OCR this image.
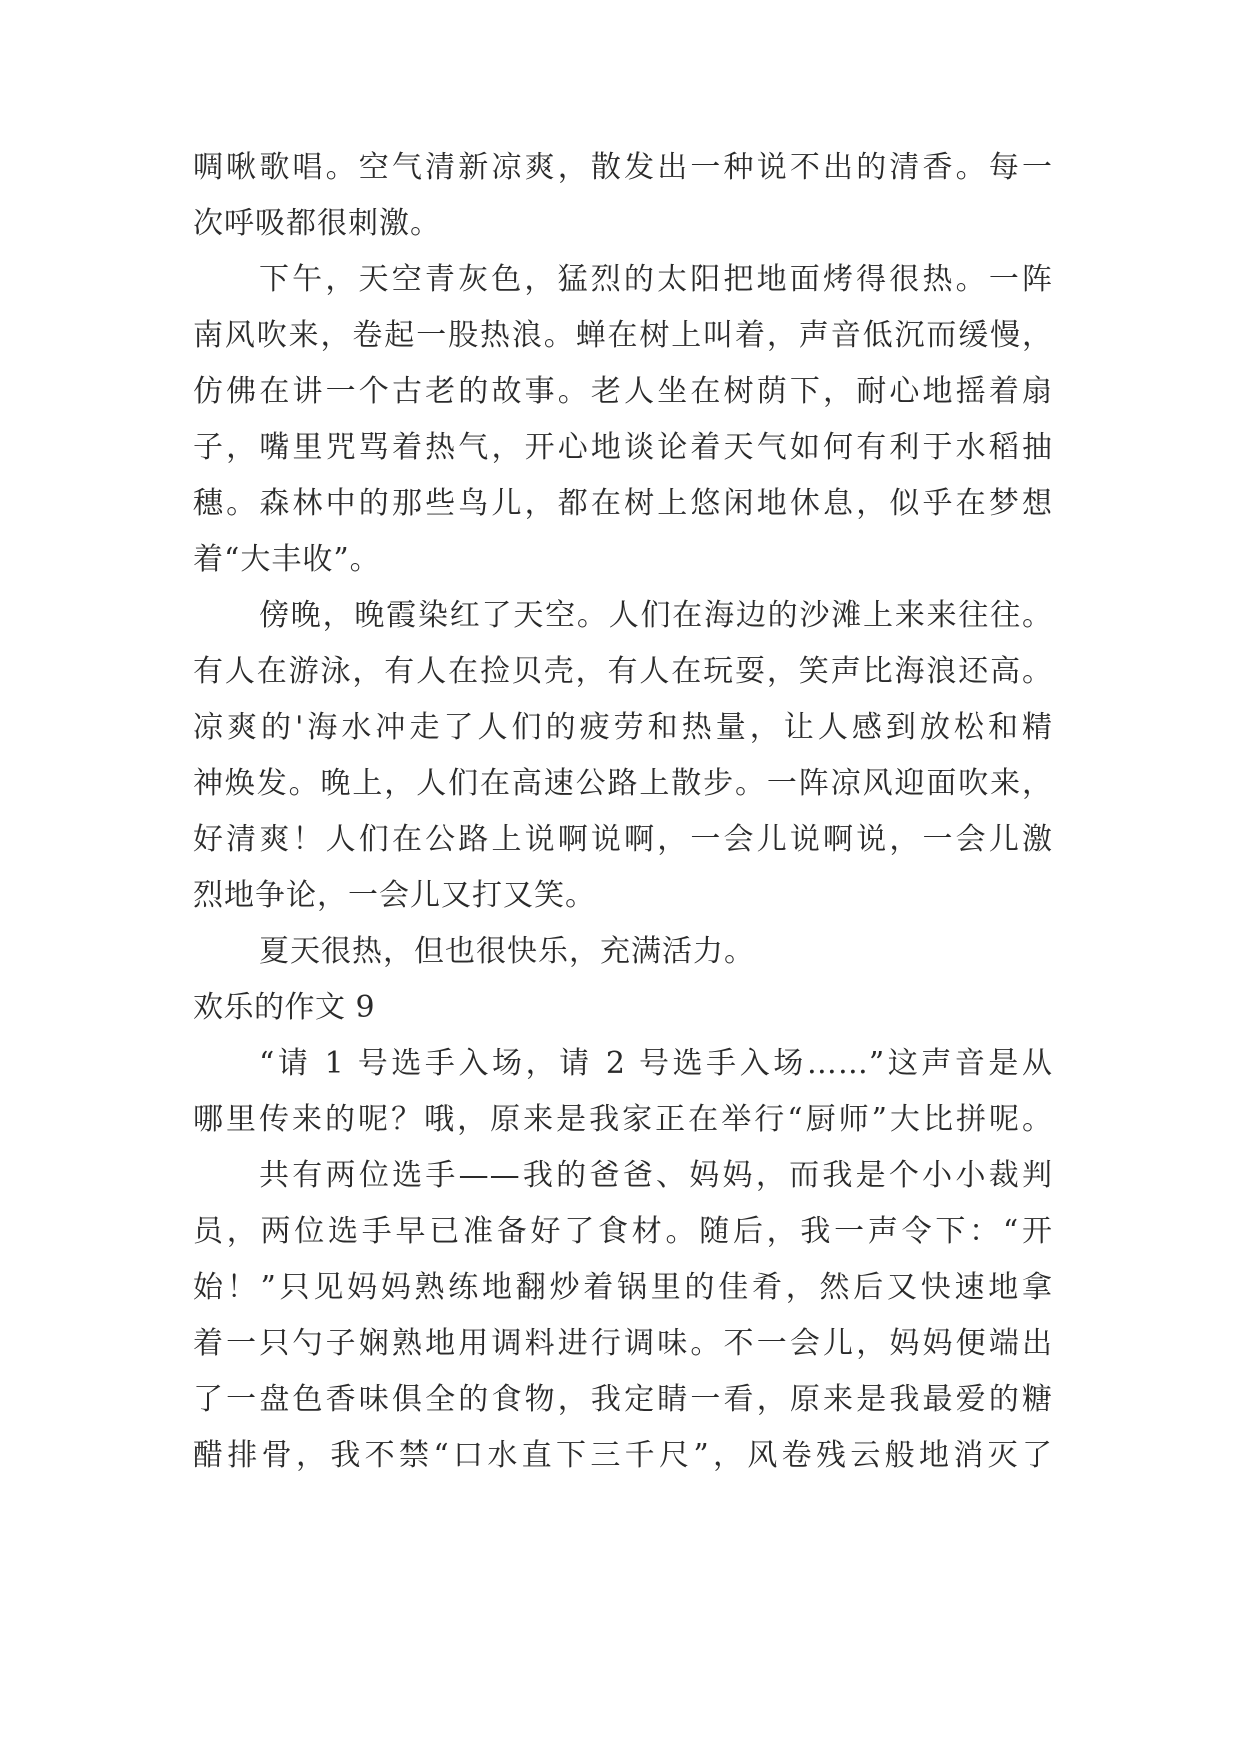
啁啾歌唱。空气清新凉爽，散发出一种说不出的清香。每一
次呼吸都很刺激。
下午，天空青灰色，猛烈的太阳把地面烤得很热。一阵
南风吹来，卷起一股热浪。蝉在树上叫着，声音低沉而缓慢，
仿佛在讲一个古老的故事。老人坐在树荫下，耐心地摇着扇
子，嘴里咒骂着热气，开心地谈论着天气如何有利于水稻抽
穗。森林中的那些鸟儿，都在树上悠闲地休息，似乎在梦想
着“大丰收”。
傍晚，晚霞染红了天空。人们在海边的沙滩上来来往往。
有人在游泳，有人在捡贝壳，有人在玩耍，笑声比海浪还高。
凉爽的'海水冲走了人们的疲劳和热量，让人感到放松和精
神焕发。晚上，人们在高速公路上散步。一阵凉风迎面吹来，
好清爽！人们在公路上说啊说啊，一会儿说啊说，一会儿激
烈地争论，一会儿又打又笑。
夏天很热，但也很快乐，充满活力。
欢乐的作文 9
“请 1 号选手入场，请 2 号选手入场……”这声音是从
哪里传来的呢？哦，原来是我家正在举行“厨师”大比拼呢。
共有两位选手——我的爸爸、妈妈，而我是个小小裁判
员，两位选手早已准备好了食材。随后，我一声令下：“开
始！”只见妈妈熟练地翻炒着锅里的佳肴，然后又快速地拿
着一只勺子娴熟地用调料进行调味。不一会儿，妈妈便端出
了一盘色香味俱全的食物，我定睛一看，原来是我最爱的糖
醋排骨，我不禁“口水直下三千尺”，风卷残云般地消灭了
